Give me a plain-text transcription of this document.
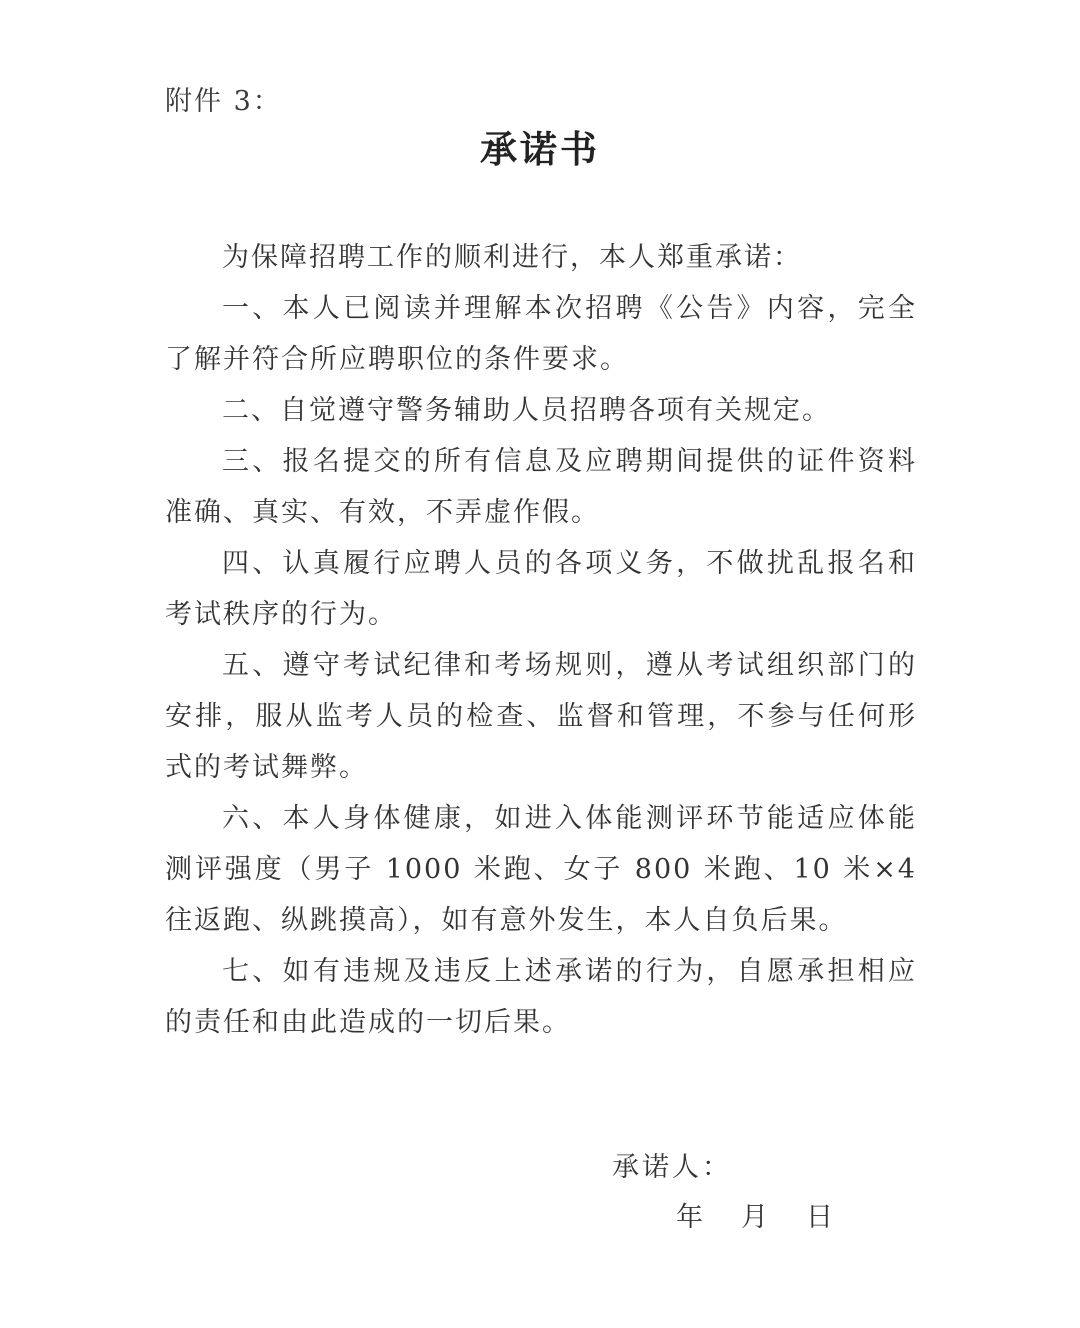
附件 3：
承诺书

为保障招聘工作的顺利进行，本人郑重承诺：

一、本人已阅读并理解本次招聘《公告》内容，完全了解并符合所应聘职位的条件要求。

二、自觉遵守警务辅助人员招聘各项有关规定。

三、报名提交的所有信息及应聘期间提供的证件资料准确、真实、有效，不弄虚作假。

四、认真履行应聘人员的各项义务，不做扰乱报名和考试秩序的行为。

五、遵守考试纪律和考场规则，遵从考试组织部门的安排，服从监考人员的检查、监督和管理，不参与任何形式的考试舞弊。

六、本人身体健康，如进入体能测评环节能适应体能测评强度（男子 1000 米跑、女子 800 米跑、10 米×4 往返跑、纵跳摸高），如有意外发生，本人自负后果。

七、如有违规及违反上述承诺的行为，自愿承担相应的责任和由此造成的一切后果。

承诺人：
年 月 日
